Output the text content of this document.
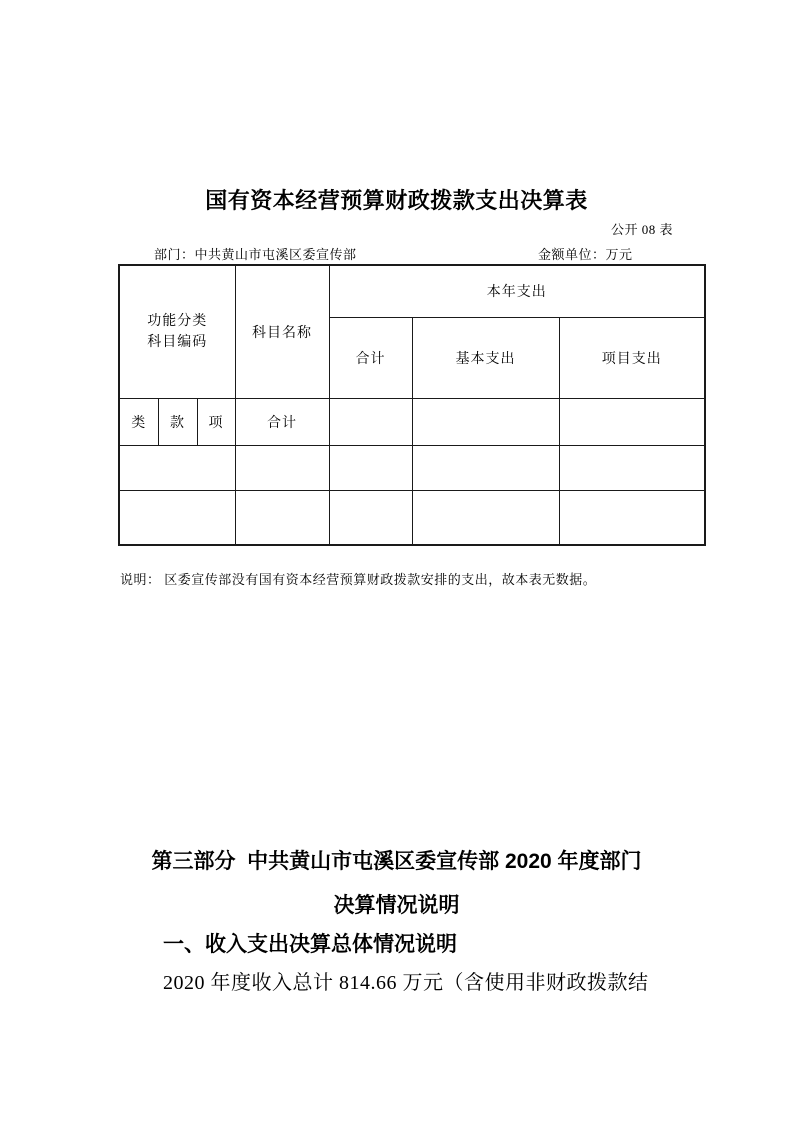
国有资本经营预算财政拨款支出决算表
公开 08 表
部门：中共黄山市屯溪区委宣传部	金额单位：万元
功能分类
科目编码			科目名称	本年支出		
				合计	基本支出	项目支出
类	款	项	合计			

说明： 区委宣传部没有国有资本经营预算财政拨款安排的支出，故本表无数据。
第三部分  中共黄山市屯溪区委宣传部 2020 年度部门
决算情况说明
一、收入支出决算总体情况说明
2020 年度收入总计 814.66 万元（含使用非财政拨款结
